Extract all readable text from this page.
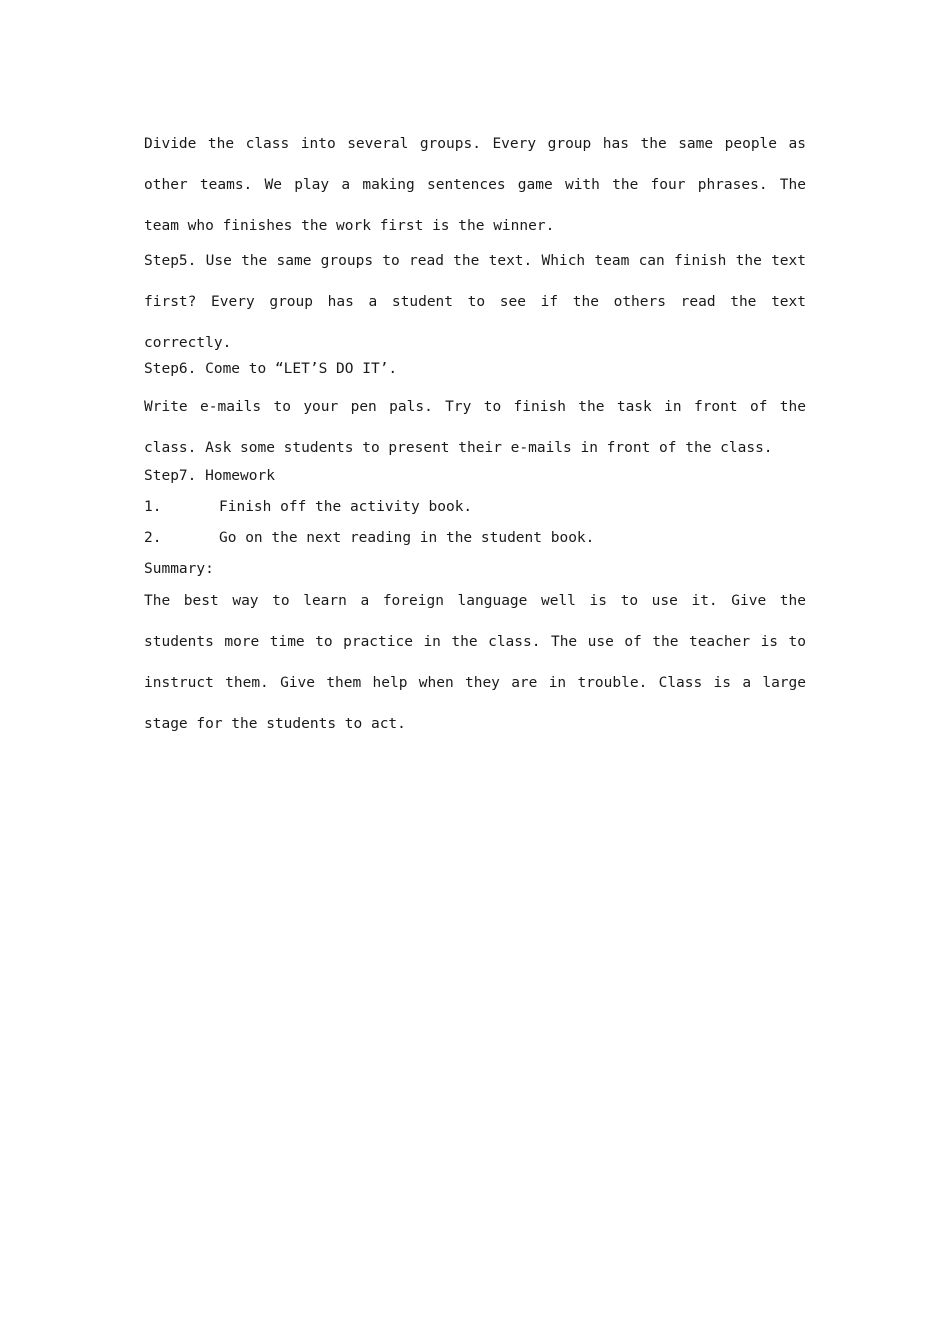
Divide the class into several groups. Every group has the same people as other teams. We play a making sentences game with the four phrases. The team who finishes the work first is the winner.

Step5. Use the same groups to read the text. Which team can finish the text first? Every group has a student to see if the others read the text correctly.

Step6. Come to “LET’S DO IT’.

Write e-mails to your pen pals. Try to finish the task in front of the class. Ask some students to present their e-mails in front of the class.

Step7. Homework

1.	Finish off the activity book.
2.	Go on the next reading in the student book.

Summary:

The best way to learn a foreign language well is to use it. Give the students more time to practice in the class. The use of the teacher is to instruct them. Give them help when they are in trouble. Class is a large stage for the students to act.
